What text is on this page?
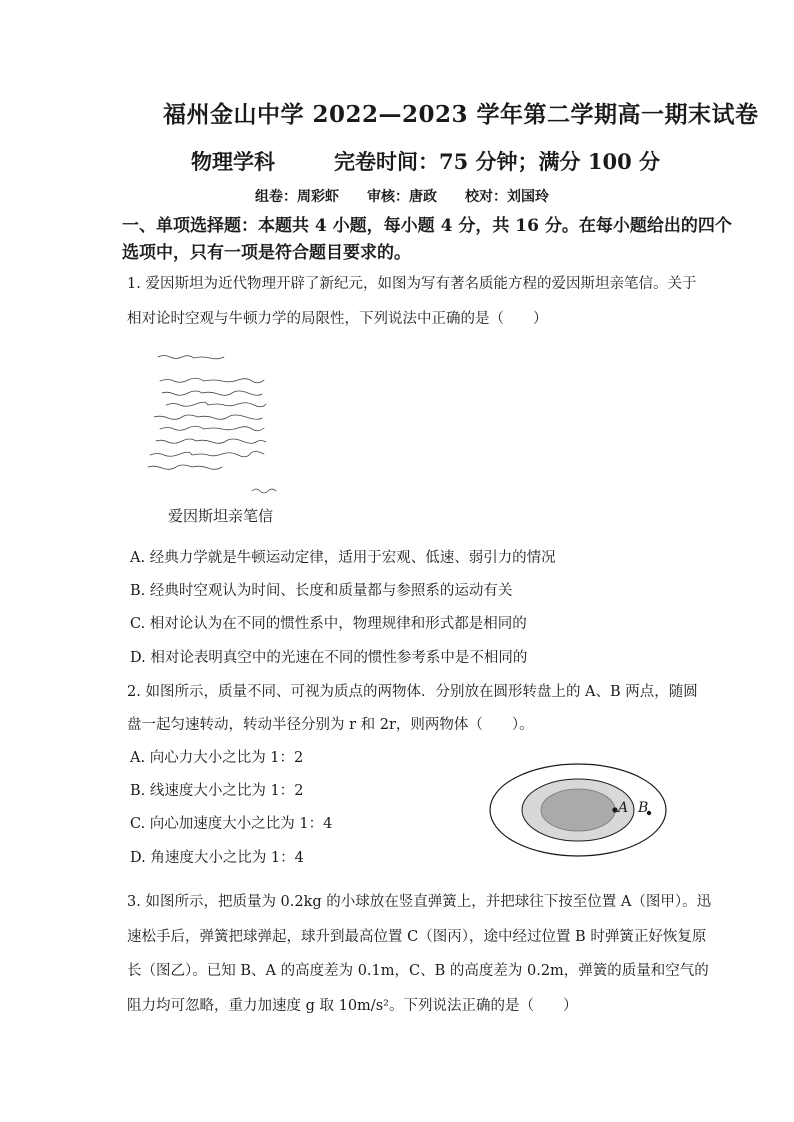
福州金山中学 2022—2023 学年第二学期高一期末试卷
物理学科	完卷时间：75 分钟；满分 100 分
组卷：周彩虾　　审核：唐政　　校对：刘国玲
一、单项选择题：本题共 4 小题，每小题 4 分，共 16 分。在每小题给出的四个
选项中，只有一项是符合题目要求的。
1. 爱因斯坦为近代物理开辟了新纪元，如图为写有著名质能方程的爱因斯坦亲笔信。关于
相对论时空观与牛顿力学的局限性，下列说法中正确的是（　　）
爱因斯坦亲笔信
A. 经典力学就是牛顿运动定律，适用于宏观、低速、弱引力的情况
B. 经典时空观认为时间、长度和质量都与参照系的运动有关
C. 相对论认为在不同的惯性系中，物理规律和形式都是相同的
D. 相对论表明真空中的光速在不同的惯性参考系中是不相同的
2. 如图所示，质量不同、可视为质点的两物体．分别放在圆形转盘上的 A、B 两点，随圆
盘一起匀速转动，转动半径分别为 r 和 2r，则两物体（　　）。
A. 向心力大小之比为 1：2
B. 线速度大小之比为 1：2
C. 向心加速度大小之比为 1：4
D. 角速度大小之比为 1：4
A B
3. 如图所示，把质量为 0.2kg 的小球放在竖直弹簧上，并把球往下按至位置 A（图甲）。迅
速松手后，弹簧把球弹起，球升到最高位置 C（图丙），途中经过位置 B 时弹簧正好恢复原
长（图乙）。已知 B、A 的高度差为 0.1m，C、B 的高度差为 0.2m，弹簧的质量和空气的
阻力均可忽略，重力加速度 g 取 10m/s²。下列说法正确的是（　　）
